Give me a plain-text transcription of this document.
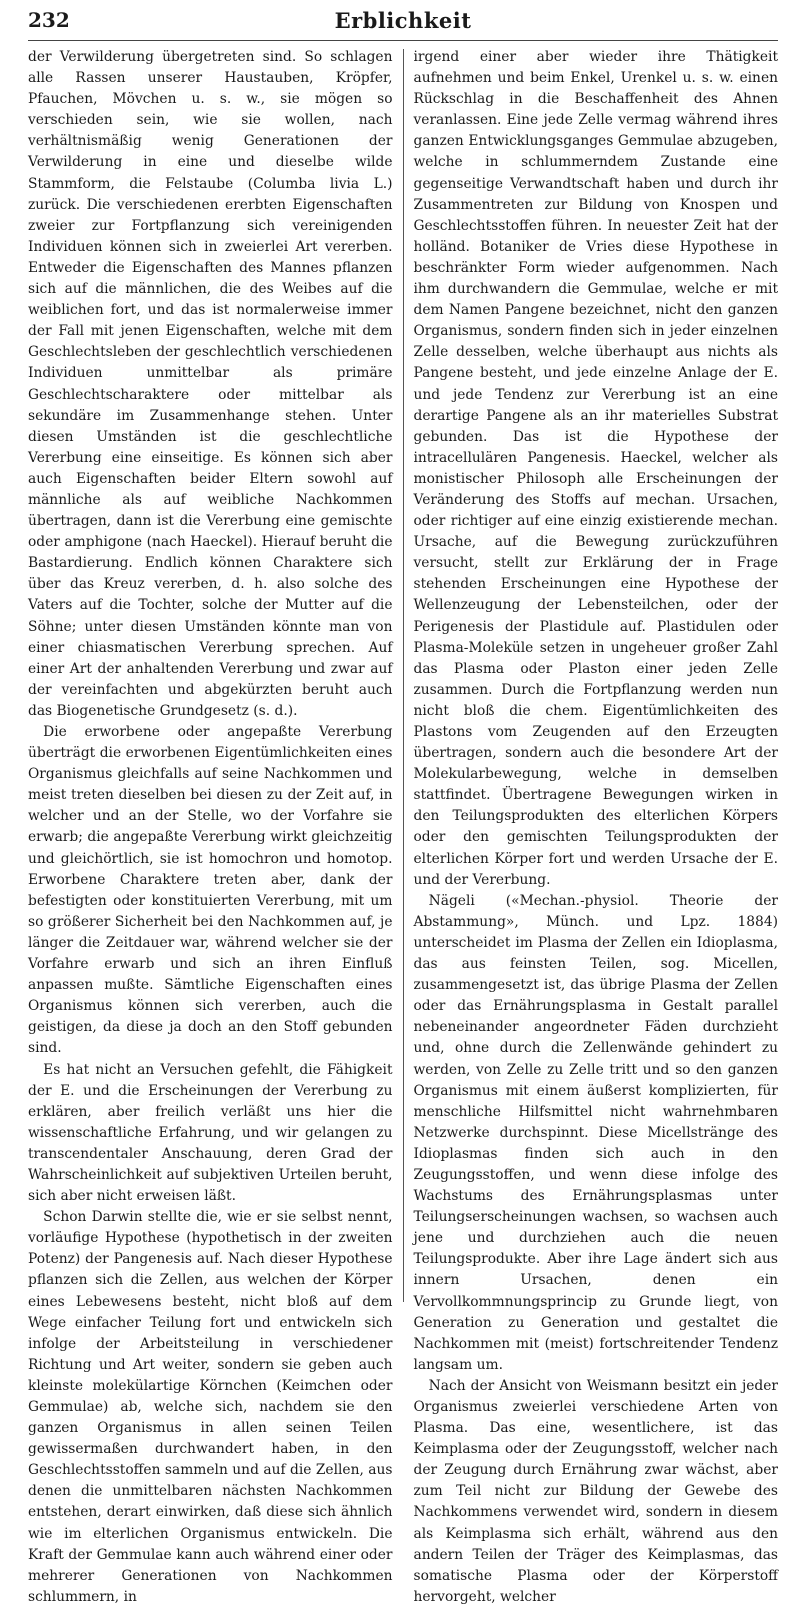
232	Erblichkeit

der Verwilderung übergetreten sind. So schlagen alle Rassen unserer Haustauben, Kröpfer, Pfauchen, Mövchen u. s. w., sie mögen so verschieden sein, wie sie wollen, nach verhältnismäßig wenig Generationen der Verwilderung in eine und dieselbe wilde Stammform, die Felstaube (Columba livia L.) zurück. Die verschiedenen ererbten Eigenschaften zweier zur Fortpflanzung sich vereinigenden Individuen können sich in zweierlei Art vererben. Entweder die Eigenschaften des Mannes pflanzen sich auf die männlichen, die des Weibes auf die weiblichen fort, und das ist normalerweise immer der Fall mit jenen Eigenschaften, welche mit dem Geschlechtsleben der geschlechtlich verschiedenen Individuen unmittelbar als primäre Geschlechtscharaktere oder mittelbar als sekundäre im Zusammenhange stehen. Unter diesen Umständen ist die geschlechtliche Vererbung eine einseitige. Es können sich aber auch Eigenschaften beider Eltern sowohl auf männliche als auf weibliche Nachkommen übertragen, dann ist die Vererbung eine gemischte oder amphigone (nach Haeckel). Hierauf beruht die Bastardierung. Endlich können Charaktere sich über das Kreuz vererben, d. h. also solche des Vaters auf die Tochter, solche der Mutter auf die Söhne; unter diesen Umständen könnte man von einer chiasmatischen Vererbung sprechen. Auf einer Art der anhaltenden Vererbung und zwar auf der vereinfachten und abgekürzten beruht auch das Biogenetische Grundgesetz (s. d.).

Die erworbene oder angepaßte Vererbung überträgt die erworbenen Eigentümlichkeiten eines Organismus gleichfalls auf seine Nachkommen und meist treten dieselben bei diesen zu der Zeit auf, in welcher und an der Stelle, wo der Vorfahre sie erwarb; die angepaßte Vererbung wirkt gleichzeitig und gleichörtlich, sie ist homochron und homotop. Erworbene Charaktere treten aber, dank der befestigten oder konstituierten Vererbung, mit um so größerer Sicherheit bei den Nachkommen auf, je länger die Zeitdauer war, während welcher sie der Vorfahre erwarb und sich an ihren Einfluß anpassen mußte. Sämtliche Eigenschaften eines Organismus können sich vererben, auch die geistigen, da diese ja doch an den Stoff gebunden sind.

Es hat nicht an Versuchen gefehlt, die Fähigkeit der E. und die Erscheinungen der Vererbung zu erklären, aber freilich verläßt uns hier die wissenschaftliche Erfahrung, und wir gelangen zu transcendentaler Anschauung, deren Grad der Wahrscheinlichkeit auf subjektiven Urteilen beruht, sich aber nicht erweisen läßt.

Schon Darwin stellte die, wie er sie selbst nennt, vorläufige Hypothese (hypothetisch in der zweiten Potenz) der Pangenesis auf. Nach dieser Hypothese pflanzen sich die Zellen, aus welchen der Körper eines Lebewesens besteht, nicht bloß auf dem Wege einfacher Teilung fort und entwickeln sich infolge der Arbeitsteilung in verschiedener Richtung und Art weiter, sondern sie geben auch kleinste molekülartige Körnchen (Keimchen oder Gemmulae) ab, welche sich, nachdem sie den ganzen Organismus in allen seinen Teilen gewissermaßen durchwandert haben, in den Geschlechtsstoffen sammeln und auf die Zellen, aus denen die unmittelbaren nächsten Nachkommen entstehen, derart einwirken, daß diese sich ähnlich wie im elterlichen Organismus entwickeln. Die Kraft der Gemmulae kann auch während einer oder mehrerer Generationen von Nachkommen schlummern, in

irgend einer aber wieder ihre Thätigkeit aufnehmen und beim Enkel, Urenkel u. s. w. einen Rückschlag in die Beschaffenheit des Ahnen veranlassen. Eine jede Zelle vermag während ihres ganzen Entwicklungsganges Gemmulae abzugeben, welche in schlummerndem Zustande eine gegenseitige Verwandtschaft haben und durch ihr Zusammentreten zur Bildung von Knospen und Geschlechtsstoffen führen. In neuester Zeit hat der holländ. Botaniker de Vries diese Hypothese in beschränkter Form wieder aufgenommen. Nach ihm durchwandern die Gemmulae, welche er mit dem Namen Pangene bezeichnet, nicht den ganzen Organismus, sondern finden sich in jeder einzelnen Zelle desselben, welche überhaupt aus nichts als Pangene besteht, und jede einzelne Anlage der E. und jede Tendenz zur Vererbung ist an eine derartige Pangene als an ihr materielles Substrat gebunden. Das ist die Hypothese der intracellulären Pangenesis. Haeckel, welcher als monistischer Philosoph alle Erscheinungen der Veränderung des Stoffs auf mechan. Ursachen, oder richtiger auf eine einzig existierende mechan. Ursache, auf die Bewegung zurückzuführen versucht, stellt zur Erklärung der in Frage stehenden Erscheinungen eine Hypothese der Wellenzeugung der Lebensteilchen, oder der Perigenesis der Plastidule auf. Plastidulen oder Plasma-Moleküle setzen in ungeheuer großer Zahl das Plasma oder Plaston einer jeden Zelle zusammen. Durch die Fortpflanzung werden nun nicht bloß die chem. Eigentümlichkeiten des Plastons vom Zeugenden auf den Erzeugten übertragen, sondern auch die besondere Art der Molekularbewegung, welche in demselben stattfindet. Übertragene Bewegungen wirken in den Teilungsprodukten des elterlichen Körpers oder den gemischten Teilungsprodukten der elterlichen Körper fort und werden Ursache der E. und der Vererbung.

Nägeli («Mechan.-physiol. Theorie der Abstammung», Münch. und Lpz. 1884) unterscheidet im Plasma der Zellen ein Idioplasma, das aus feinsten Teilen, sog. Micellen, zusammengesetzt ist, das übrige Plasma der Zellen oder das Ernährungsplasma in Gestalt parallel nebeneinander angeordneter Fäden durchzieht und, ohne durch die Zellenwände gehindert zu werden, von Zelle zu Zelle tritt und so den ganzen Organismus mit einem äußerst komplizierten, für menschliche Hilfsmittel nicht wahrnehmbaren Netzwerke durchspinnt. Diese Micellstränge des Idioplasmas finden sich auch in den Zeugungsstoffen, und wenn diese infolge des Wachstums des Ernährungsplasmas unter Teilungserscheinungen wachsen, so wachsen auch jene und durchziehen auch die neuen Teilungsprodukte. Aber ihre Lage ändert sich aus innern Ursachen, denen ein Vervollkommnungsprincip zu Grunde liegt, von Generation zu Generation und gestaltet die Nachkommen mit (meist) fortschreitender Tendenz langsam um.

Nach der Ansicht von Weismann besitzt ein jeder Organismus zweierlei verschiedene Arten von Plasma. Das eine, wesentlichere, ist das Keimplasma oder der Zeugungsstoff, welcher nach der Zeugung durch Ernährung zwar wächst, aber zum Teil nicht zur Bildung der Gewebe des Nachkommens verwendet wird, sondern in diesem als Keimplasma sich erhält, während aus den andern Teilen der Träger des Keimplasmas, das somatische Plasma oder der Körperstoff hervorgeht, welcher
